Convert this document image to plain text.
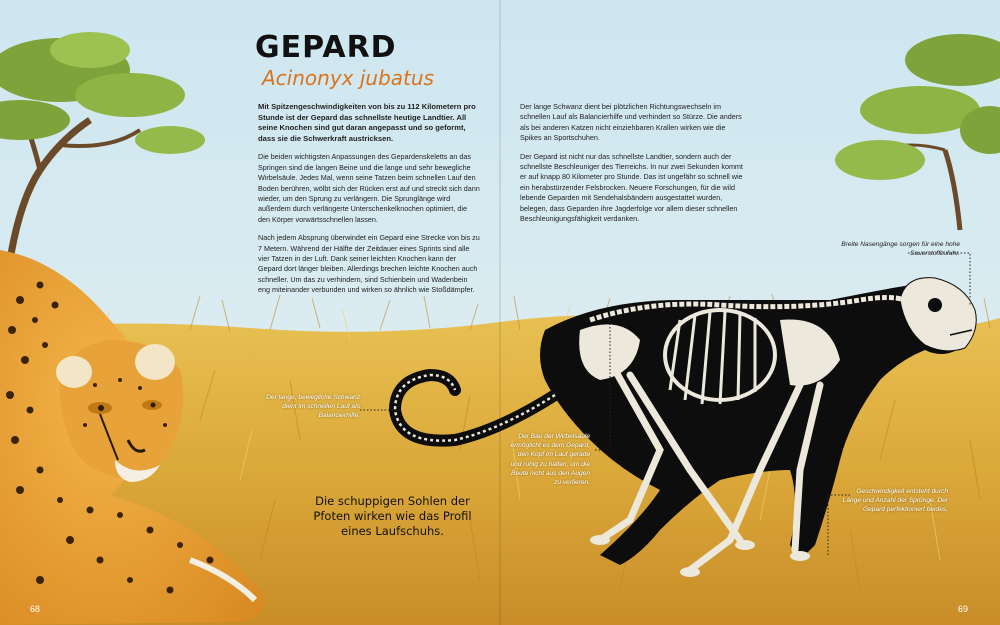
GEPARD
Acinonyx jubatus

Mit Spitzengeschwindigkeiten von bis zu 112 Kilometern pro Stunde ist der Gepard das schnellste heutige Landtier. All seine Knochen sind gut daran angepasst und so geformt, dass sie die Schwerkraft austricksen.

Die beiden wichtigsten Anpassungen des Gepardenskeletts an das Springen sind die langen Beine und die lange und sehr bewegliche Wirbelsäule. Jedes Mal, wenn seine Tatzen beim schnellen Lauf den Boden berühren, wölbt sich der Rücken erst auf und streckt sich dann wieder, um den Sprung zu verlängern. Die Sprunglänge wird außerdem durch verlängerte Unterschenkelknochen optimiert, die den Körper vorwärtsschnellen lassen.

Nach jedem Absprung überwindet ein Gepard eine Strecke von bis zu 7 Metern. Während der Hälfte der Zeitdauer eines Sprints sind alle vier Tatzen in der Luft. Dank seiner leichten Knochen kann der Gepard dort länger bleiben. Allerdings brechen leichte Knochen auch schneller. Um das zu verhindern, sind Schienbein und Wadenbein eng miteinander verbunden und wirken so ähnlich wie Stoßdämpfer.

Der lange Schwanz dient bei plötzlichen Richtungswechseln im schnellen Lauf als Balancierhilfe und verhindert so Stürze. Die anders als bei anderen Katzen nicht einziehbaren Krallen wirken wie die Spikes an Sportschuhen.

Der Gepard ist nicht nur das schnellste Landtier, sondern auch der schnellste Beschleuniger des Tierreichs. In nur zwei Sekunden kommt er auf knapp 80 Kilometer pro Stunde. Das ist ungefähr so schnell wie ein herabstürzender Felsbrocken. Neuere Forschungen, für die wild lebende Geparden mit Sendehalsbändern ausgestattet wurden, belegen, dass Geparden ihre Jagderfolge vor allem dieser schnellen Beschleunigungsfähigkeit verdanken.

Breite Nasengänge sorgen für eine hohe Sauerstoffzufuhr.
Der lange, bewegliche Schwanz dient im schnellen Lauf als Balancierhilfe.
Der Bau der Wirbelsäule ermöglicht es dem Gepard, den Kopf im Lauf gerade und ruhig zu halten, um die Beute nicht aus den Augen zu verlieren.
Geschwindigkeit entsteht durch Länge und Anzahl der Sprünge. Der Gepard perfektioniert beides.
Die schuppigen Sohlen der Pfoten wirken wie das Profil eines Laufschuhs.
68	69
